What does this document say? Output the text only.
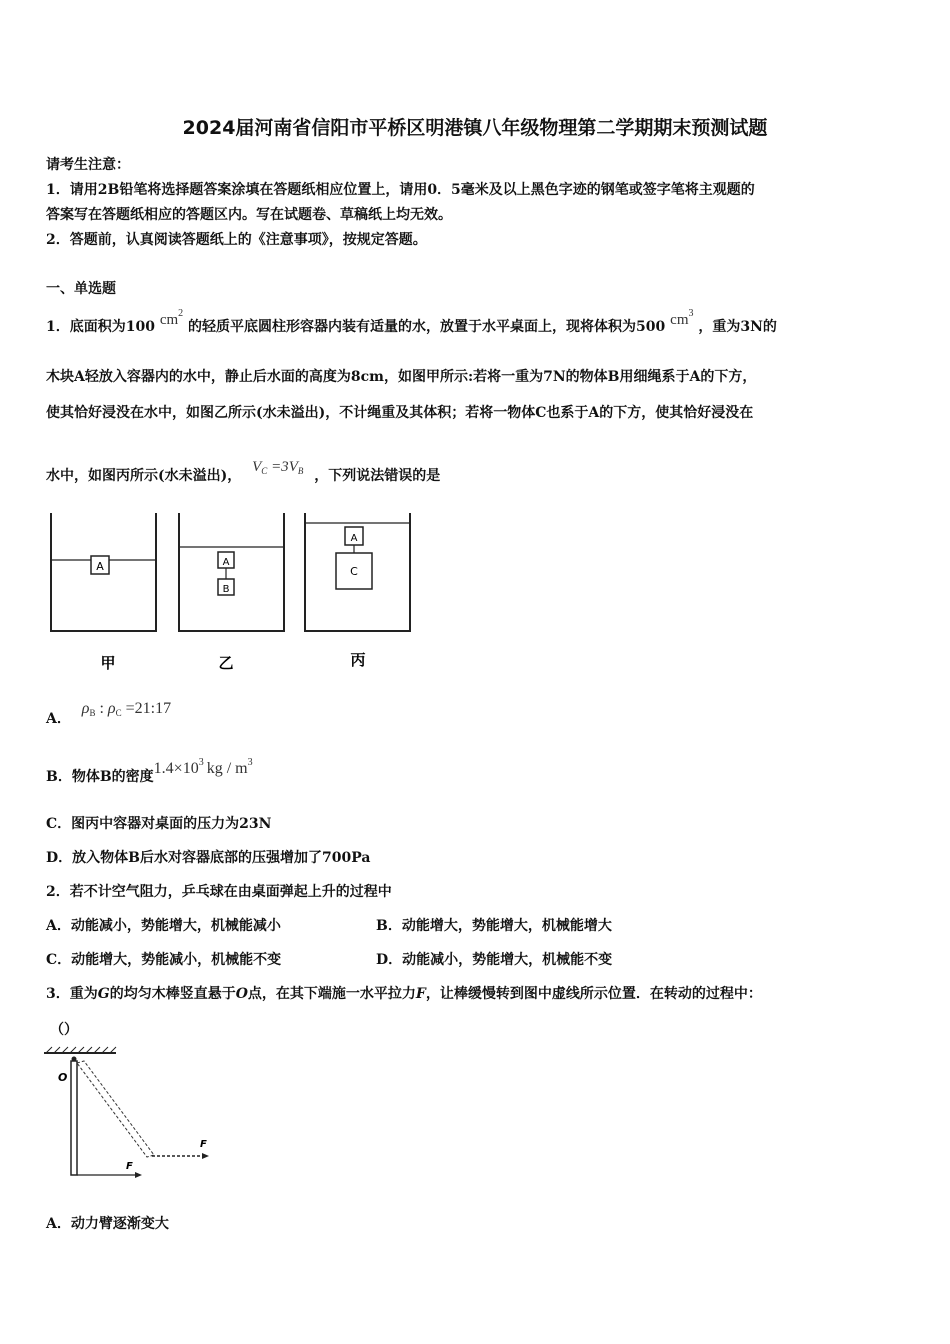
2024届河南省信阳市平桥区明港镇八年级物理第二学期期末预测试题
请考生注意：
1．请用2B铅笔将选择题答案涂填在答题纸相应位置上，请用0．5毫米及以上黑色字迹的钢笔或签字笔将主观题的
答案写在答题纸相应的答题区内。写在试题卷、草稿纸上均无效。
2．答题前，认真阅读答题纸上的《注意事项》，按规定答题。
一、单选题
1．底面积为100 $cm^2$ 的轻质平底圆柱形容器内装有适量的水，放置于水平桌面上，现将体积为500 $cm^3$ ，重为3N的
木块A轻放入容器内的水中，静止后水面的高度为8cm，如图甲所示:若将一重为7N的物体B用细绳系于A的下方，
使其恰好浸没在水中，如图乙所示(水未溢出)，不计绳重及其体积；若将一物体C也系于A的下方，使其恰好浸没在
水中，如图丙所示(水未溢出)， $V_C =3V_B$ ，下列说法错误的是
A	A
B
A
C
甲	乙	丙
A． ρB : ρC =21:17
B．物体B的密度$1.4\times 10^3$ kg / $m^3$
C．图丙中容器对桌面的压力为23N
D．放入物体B后水对容器底部的压强增加了700Pa
2．若不计空气阻力，乒乓球在由桌面弹起上升的过程中
A．动能减小，势能增大，机械能减小	B．动能增大，势能增大，机械能增大
C．动能增大，势能减小，机械能不变	D．动能减小，势能增大，机械能不变
3．重为G的均匀木棒竖直悬于O点，在其下端施一水平拉力F，让棒缓慢转到图中虚线所示位置．在转动的过程中：
（）
O
F
F
A．动力臂逐渐变大
